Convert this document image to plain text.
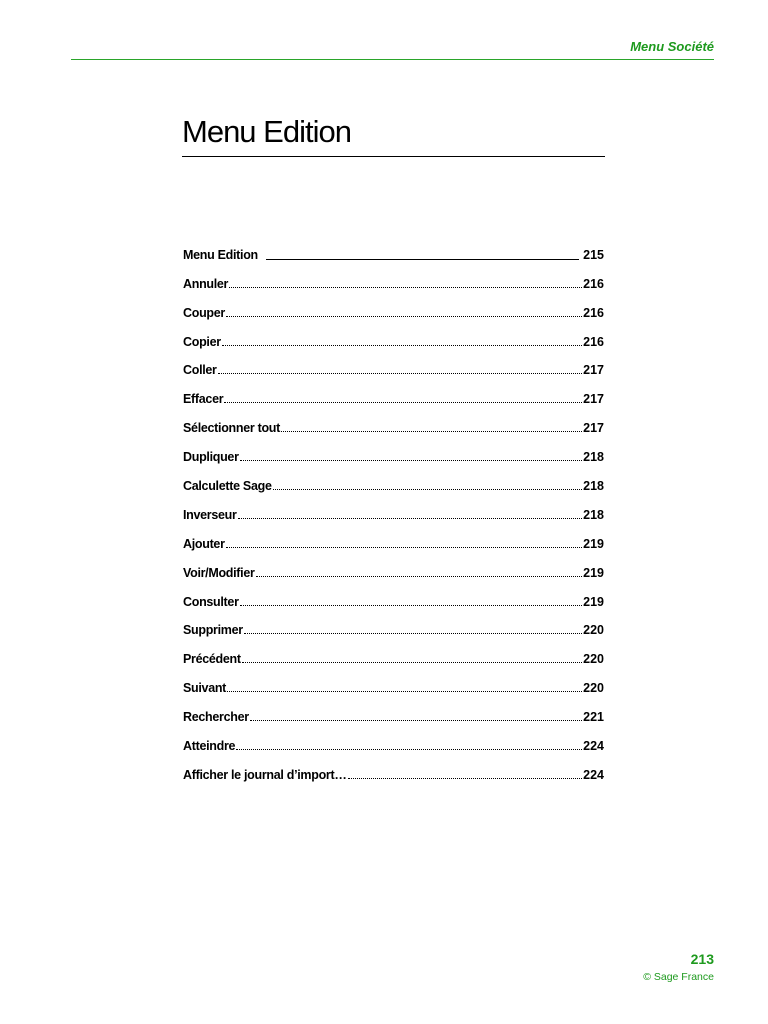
Menu Société
Menu Edition
Menu Edition	215
Annuler	216
Couper	216
Copier	216
Coller	217
Effacer	217
Sélectionner tout	217
Dupliquer	218
Calculette Sage	218
Inverseur	218
Ajouter	219
Voir/Modifier	219
Consulter	219
Supprimer	220
Précédent	220
Suivant	220
Rechercher	221
Atteindre	224
Afficher le journal d’import…	224
213
© Sage France
